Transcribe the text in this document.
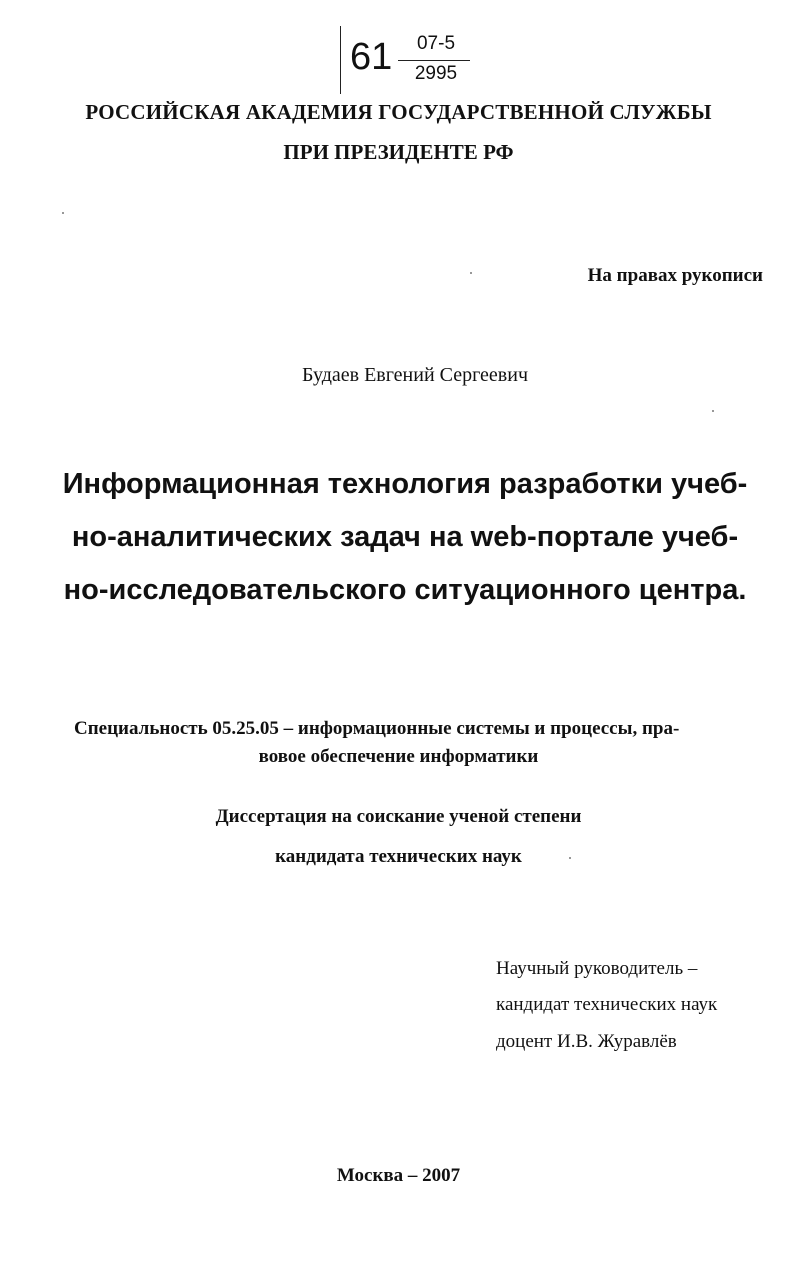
61	07-5
2995
РОССИЙСКАЯ АКАДЕМИЯ ГОСУДАРСТВЕННОЙ СЛУЖБЫ
ПРИ ПРЕЗИДЕНТЕ РФ
На правах рукописи
Будаев Евгений Сергеевич
Информационная технология разработки учеб-
но-аналитических задач на web-портале учеб-
но-исследовательского ситуационного центра.
Специальность 05.25.05 – информационные системы и процессы, пра-
вовое обеспечение информатики
Диссертация на соискание ученой степени
кандидата технических наук
Научный руководитель –
кандидат технических наук
доцент И.В. Журавлёв
Москва – 2007
